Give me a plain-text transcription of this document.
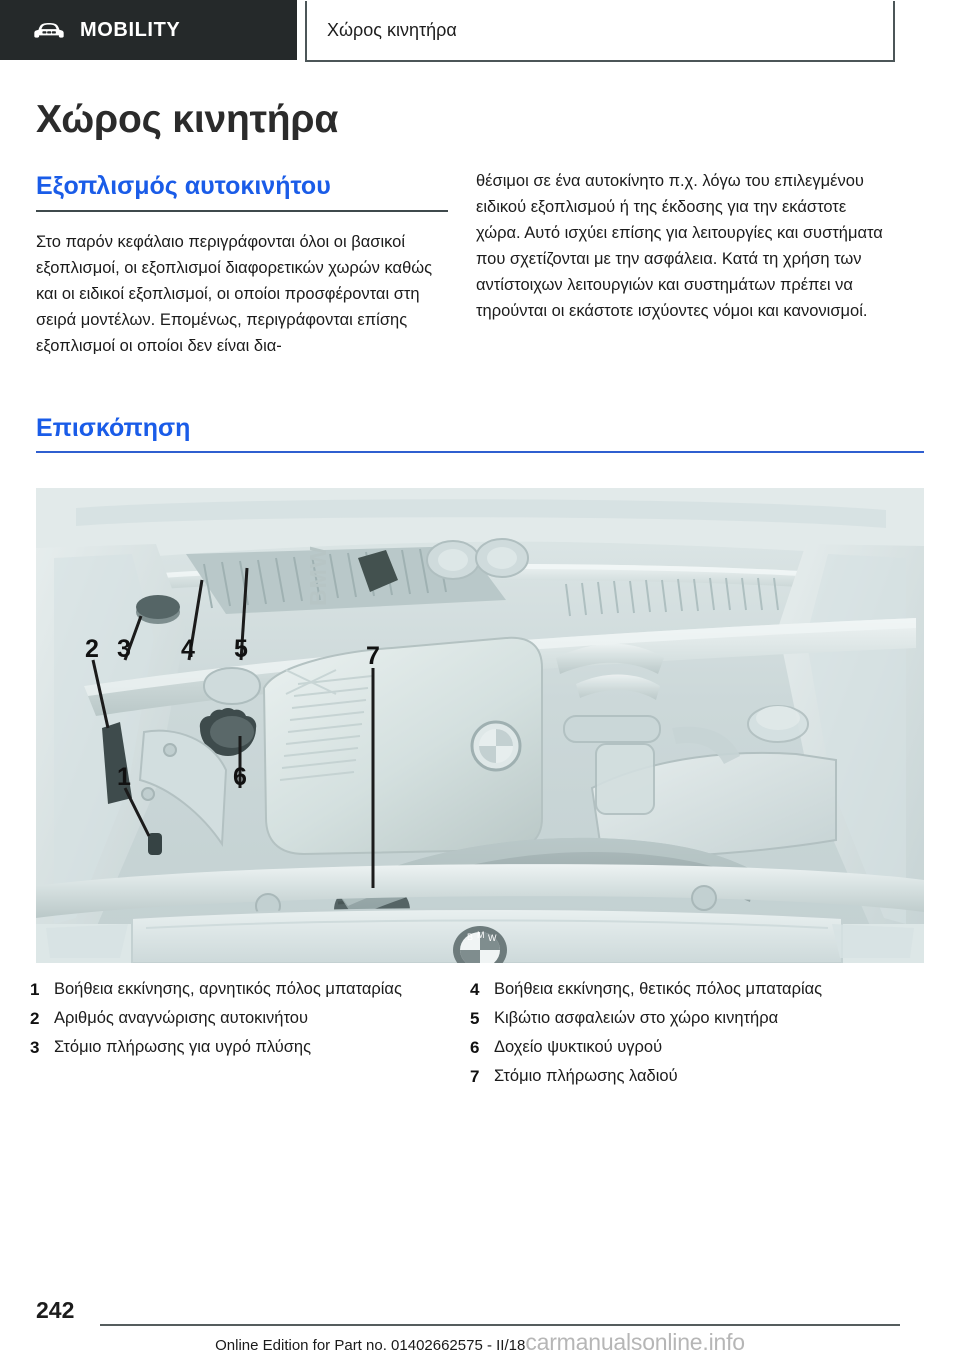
MOBILITY	Χώρος κινητήρα
Χώρος κινητήρα
Εξοπλισμός αυτοκινήτου

Στο παρόν κεφάλαιο περιγράφονται όλοι οι βασικοί εξοπλισμοί, οι εξοπλισμοί διαφορετικών χωρών καθώς και οι ειδικοί εξοπλισμοί, οι οποίοι προσφέρονται στη σειρά μοντέλων. Επομένως, περιγράφονται επίσης εξοπλισμοί οι οποίοι δεν είναι δια-

θέσιμοι σε ένα αυτοκίνητο π.χ. λόγω του επιλεγμένου ειδικού εξοπλισμού ή της έκδοσης για την εκάστοτε χώρα. Αυτό ισχύει επίσης για λειτουργίες και συστήματα που σχετίζονται με την ασφάλεια. Κατά τη χρήση των αντίστοιχων λειτουργιών και συστημάτων πρέπει να τηρούνται οι εκάστοτε ισχύοντες νόμοι και κανονισμοί.

Επισκόπηση
B M W
BMW
1
2 3 4 5
6
7
1 Βοήθεια εκκίνησης, αρνητικός πόλος μπαταρίας
2 Αριθμός αναγνώρισης αυτοκινήτου
3 Στόμιο πλήρωσης για υγρό πλύσης
4 Βοήθεια εκκίνησης, θετικός πόλος μπαταρίας
5 Κιβώτιο ασφαλειών στο χώρο κινητήρα
6 Δοχείο ψυκτικού υγρού
7 Στόμιο πλήρωσης λαδιού
242
Online Edition for Part no. 01402662575 - II/18carmanualsonline.info
